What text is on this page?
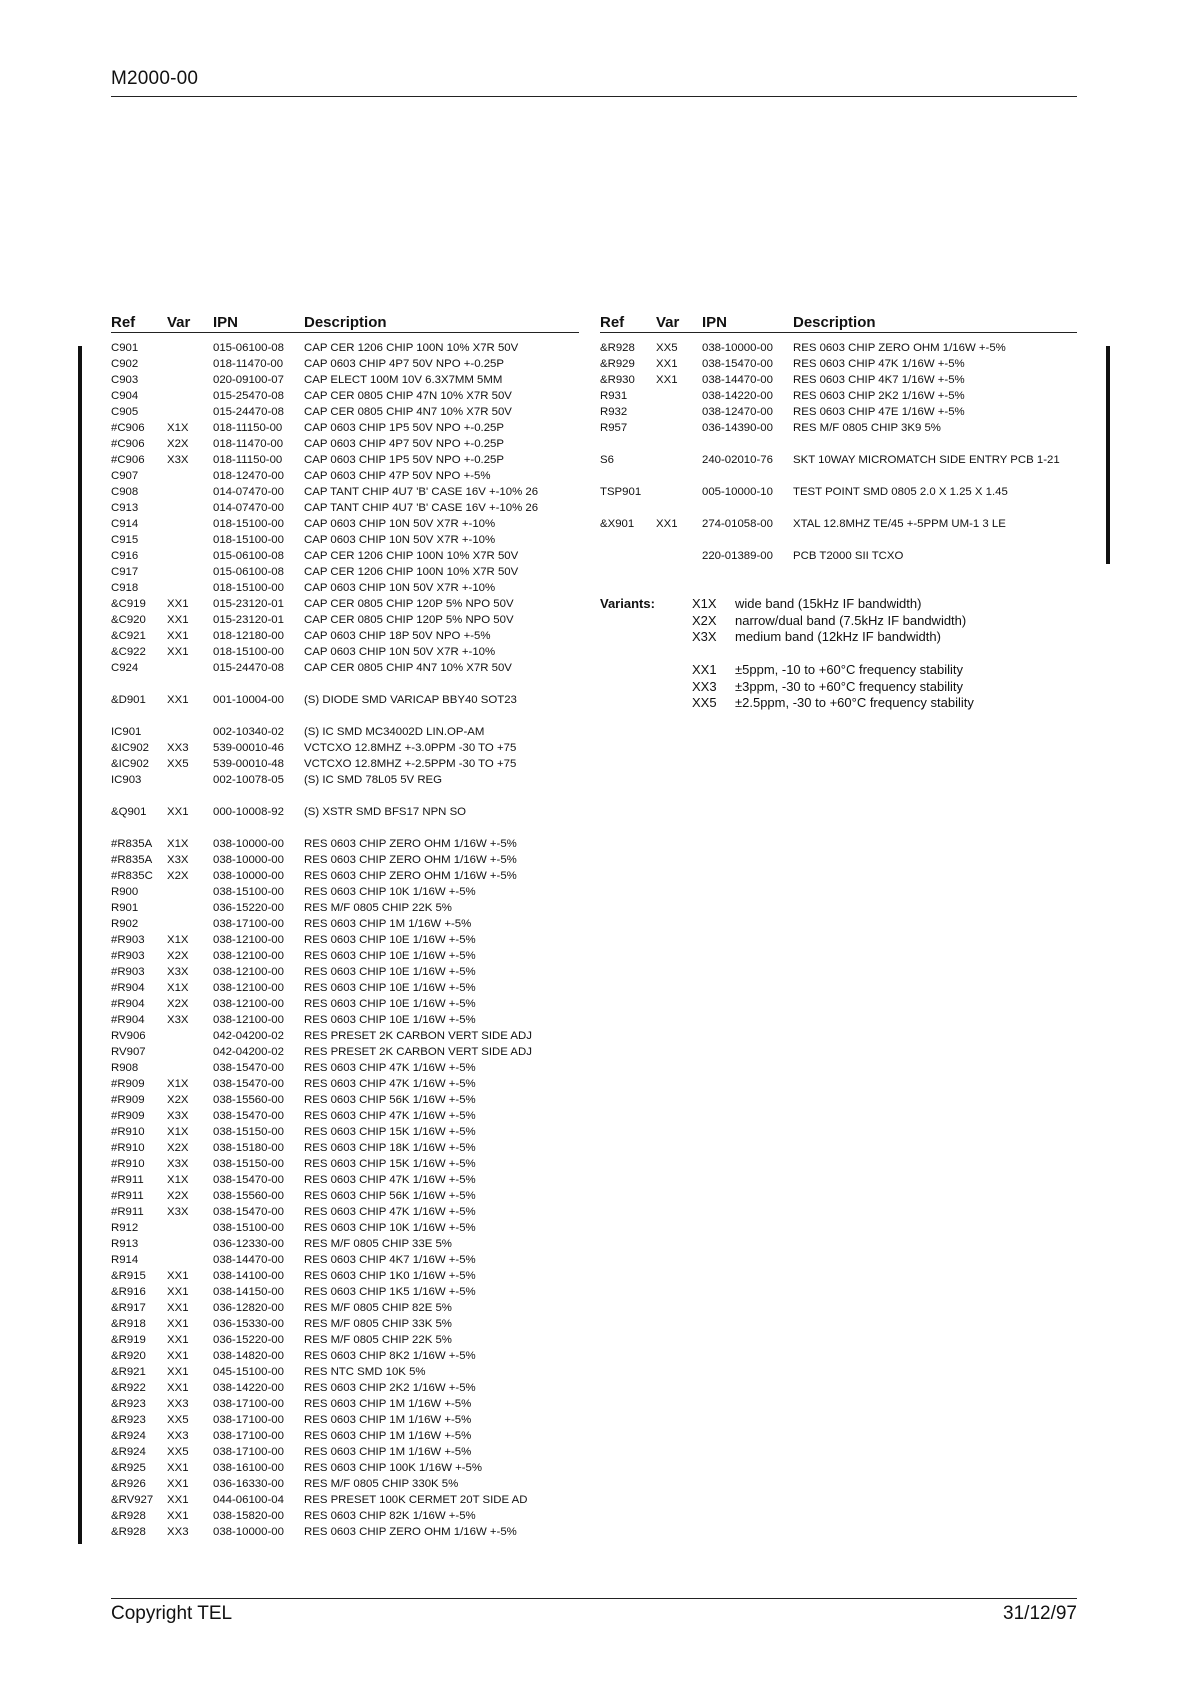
M2000-00
Ref Var IPN	Description
C901	015-06100-08 CAP CER 1206 CHIP 100N 10% X7R 50V
C902	018-11470-00 CAP 0603 CHIP 4P7 50V NPO +-0.25P
C903	020-09100-07 CAP ELECT 100M 10V 6.3X7MM 5MM
C904	015-25470-08 CAP CER 0805 CHIP 47N 10% X7R 50V
C905	015-24470-08 CAP CER 0805 CHIP 4N7 10% X7R 50V
#C906 X1X 018-11150-00 CAP 0603 CHIP 1P5 50V NPO +-0.25P
#C906 X2X 018-11470-00 CAP 0603 CHIP 4P7 50V NPO +-0.25P
#C906 X3X 018-11150-00 CAP 0603 CHIP 1P5 50V NPO +-0.25P
C907	018-12470-00 CAP 0603 CHIP 47P 50V NPO +-5%
C908	014-07470-00 CAP TANT CHIP 4U7 'B' CASE 16V +-10% 26
C913	014-07470-00 CAP TANT CHIP 4U7 'B' CASE 16V +-10% 26
C914	018-15100-00 CAP 0603 CHIP 10N 50V X7R +-10%
C915	018-15100-00 CAP 0603 CHIP 10N 50V X7R +-10%
C916	015-06100-08 CAP CER 1206 CHIP 100N 10% X7R 50V
C917	015-06100-08 CAP CER 1206 CHIP 100N 10% X7R 50V
C918	018-15100-00 CAP 0603 CHIP 10N 50V X7R +-10%
&C919 XX1 015-23120-01 CAP CER 0805 CHIP 120P 5% NPO 50V
&C920 XX1 015-23120-01 CAP CER 0805 CHIP 120P 5% NPO 50V
&C921 XX1 018-12180-00 CAP 0603 CHIP 18P 50V NPO +-5%
&C922 XX1 018-15100-00 CAP 0603 CHIP 10N 50V X7R +-10%
C924	015-24470-08 CAP CER 0805 CHIP 4N7 10% X7R 50V
&D901 XX1 001-10004-00 (S) DIODE SMD VARICAP BBY40 SOT23
IC901	002-10340-02 (S) IC SMD MC34002D LIN.OP-AM
&IC902 XX3 539-00010-46 VCTCXO 12.8MHZ +-3.0PPM -30 TO +75
&IC902 XX5 539-00010-48 VCTCXO 12.8MHZ +-2.5PPM -30 TO +75
IC903	002-10078-05 (S) IC SMD 78L05 5V REG
&Q901 XX1 000-10008-92 (S) XSTR SMD BFS17 NPN SO
#R835A X1X 038-10000-00 RES 0603 CHIP ZERO OHM 1/16W +-5%
#R835A X3X 038-10000-00 RES 0603 CHIP ZERO OHM 1/16W +-5%
#R835C X2X 038-10000-00 RES 0603 CHIP ZERO OHM 1/16W +-5%
R900	038-15100-00 RES 0603 CHIP 10K 1/16W +-5%
R901	036-15220-00 RES M/F 0805 CHIP 22K 5%
R902	038-17100-00 RES 0603 CHIP 1M 1/16W +-5%
#R903 X1X 038-12100-00 RES 0603 CHIP 10E 1/16W +-5%
#R903 X2X 038-12100-00 RES 0603 CHIP 10E 1/16W +-5%
#R903 X3X 038-12100-00 RES 0603 CHIP 10E 1/16W +-5%
#R904 X1X 038-12100-00 RES 0603 CHIP 10E 1/16W +-5%
#R904 X2X 038-12100-00 RES 0603 CHIP 10E 1/16W +-5%
#R904 X3X 038-12100-00 RES 0603 CHIP 10E 1/16W +-5%
RV906	042-04200-02 RES PRESET 2K CARBON VERT SIDE ADJ
RV907	042-04200-02 RES PRESET 2K CARBON VERT SIDE ADJ
R908	038-15470-00 RES 0603 CHIP 47K 1/16W +-5%
#R909 X1X 038-15470-00 RES 0603 CHIP 47K 1/16W +-5%
#R909 X2X 038-15560-00 RES 0603 CHIP 56K 1/16W +-5%
#R909 X3X 038-15470-00 RES 0603 CHIP 47K 1/16W +-5%
#R910 X1X 038-15150-00 RES 0603 CHIP 15K 1/16W +-5%
#R910 X2X 038-15180-00 RES 0603 CHIP 18K 1/16W +-5%
#R910 X3X 038-15150-00 RES 0603 CHIP 15K 1/16W +-5%
#R911 X1X 038-15470-00 RES 0603 CHIP 47K 1/16W +-5%
#R911 X2X 038-15560-00 RES 0603 CHIP 56K 1/16W +-5%
#R911 X3X 038-15470-00 RES 0603 CHIP 47K 1/16W +-5%
R912	038-15100-00 RES 0603 CHIP 10K 1/16W +-5%
R913	036-12330-00 RES M/F 0805 CHIP 33E 5%
R914	038-14470-00 RES 0603 CHIP 4K7 1/16W +-5%
&R915 XX1 038-14100-00 RES 0603 CHIP 1K0 1/16W +-5%
&R916 XX1 038-14150-00 RES 0603 CHIP 1K5 1/16W +-5%
&R917 XX1 036-12820-00 RES M/F 0805 CHIP 82E 5%
&R918 XX1 036-15330-00 RES M/F 0805 CHIP 33K 5%
&R919 XX1 036-15220-00 RES M/F 0805 CHIP 22K 5%
&R920 XX1 038-14820-00 RES 0603 CHIP 8K2 1/16W +-5%
&R921 XX1 045-15100-00 RES NTC SMD 10K 5%
&R922 XX1 038-14220-00 RES 0603 CHIP 2K2 1/16W +-5%
&R923 XX3 038-17100-00 RES 0603 CHIP 1M 1/16W +-5%
&R923 XX5 038-17100-00 RES 0603 CHIP 1M 1/16W +-5%
&R924 XX3 038-17100-00 RES 0603 CHIP 1M 1/16W +-5%
&R924 XX5 038-17100-00 RES 0603 CHIP 1M 1/16W +-5%
&R925 XX1 038-16100-00 RES 0603 CHIP 100K 1/16W +-5%
&R926 XX1 036-16330-00 RES M/F 0805 CHIP 330K 5%
&RV927 XX1 044-06100-04 RES PRESET 100K CERMET 20T SIDE AD
&R928 XX1 038-15820-00 RES 0603 CHIP 82K 1/16W +-5%
&R928 XX3 038-10000-00 RES 0603 CHIP ZERO OHM 1/16W +-5%
Ref Var IPN	Description
&R928 XX5 038-10000-00 RES 0603 CHIP ZERO OHM 1/16W +-5%
&R929 XX1 038-15470-00 RES 0603 CHIP 47K 1/16W +-5%
&R930 XX1 038-14470-00 RES 0603 CHIP 4K7 1/16W +-5%
R931	038-14220-00 RES 0603 CHIP 2K2 1/16W +-5%
R932	038-12470-00 RES 0603 CHIP 47E 1/16W +-5%
R957	036-14390-00 RES M/F 0805 CHIP 3K9 5%
S6	240-02010-76 SKT 10WAY MICROMATCH SIDE ENTRY PCB 1-21
TSP901	005-10000-10 TEST POINT SMD 0805 2.0 X 1.25 X 1.45
&X901 XX1 274-01058-00 XTAL 12.8MHZ TE/45 +-5PPM UM-1 3 LE
220-01389-00 PCB T2000 SII TCXO
Variants:	X1X wide band (15kHz IF bandwidth)
X2X narrow/dual band (7.5kHz IF bandwidth)
X3X medium band (12kHz IF bandwidth)
XX1 ±5ppm, -10 to +60°C frequency stability
XX3 ±3ppm, -30 to +60°C frequency stability
XX5 ±2.5ppm, -30 to +60°C frequency stability
Copyright TEL	31/12/97
